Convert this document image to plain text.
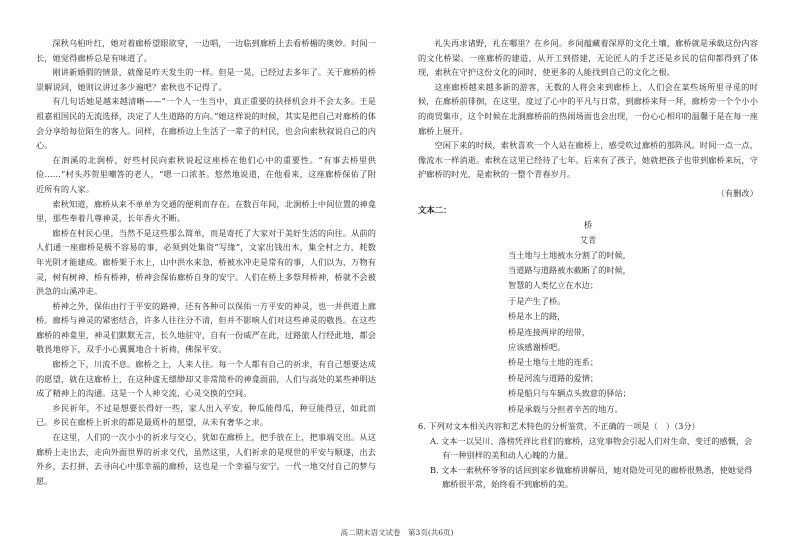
深秋乌桕叶红，她对着廊桥望眼欲穿，一边唱，一边临到廊桥上去看桥楣的奥妙。时间一长，她觉得廊桥总是有味道了。

刚讲新婚假的情景，就像是昨天发生的一样。但是一晃，已经过去多年了。关于廊桥的桥崇解说同，她则议讲过多少遍吧？索秋也不记得了。

有几句话她是越来越清晰——“一个人一生当中，真正重要的抉择机会并不会太多。王是祖嘉祖国民的无流选择，决定了人生道路的方向。”她这样说的时候，其实是把自己对廊桥的体会分享给每位陌生的客人。同样，在廊桥边上生活了一辈子的村民，也会向索秋叙说自己的内心。

在泗溪的北涧桥，好些村民向索秋说起这座桥在他们心中的重要性。“有事去桥里供俭……”村头苏贺里嘲答的老人，“嗯一口浓茶。悠然地说道，在他看来，这座廊桥保佑了附近所有的人家。

索秋知道，廊桥从来不单单为交通的便利而存在。在数百年间，北涧桥上中间位置的神龛里，那些奉着几尊神灵，长年香火不断。

廊桥在村民心里，当然不是这些那么简单，而是寄托了大家对于美好生活的向往。从前的人们通一座廊桥是极不容易的事，必须到处集资“写缘”，文家出钱出木，集全村之力，耗数年光阴才能建成。廊桥架于水上，山中洪水来急，桥被水冲走是常有的事，人们以为，万物有灵，树有树神，桥有桥神，桥神会保佑廊桥自身的安宁。人们在桥上多祭拜桥神，桥就不会被洪急的山溪冲走。

桥神之外，保佑由行于平安的路神，还有各种可以保佑一方平安的神灵，也一并供道上廊桥。廊桥与神灵的紧密结合，许多人往往分不清，但并不影响人们对这些神灵的敬畏。在这些廊桥的神龛里，神灵们默默无言，长久地驻守，自有一份威严在此，过路旅人行经此地，都会敬畏地停下，双手小心翼翼地合十祈祷，佛保平安。

廊桥之下，川流不息。廊桥之上，人来人往。每一个人都有自己的祈求，有自己想要达成的愿望，就在这廊桥上，在这种虚无缥缈却又非常简朴的神龛面前，人们与高处的某些神明达成了精神上的沟通。这是一个人神交流，心灵交换的空间。

乡民祈年，不过是想要长得好一些，家人出入平安，种瓜能得瓜，种豆能得豆，如此而已。乡民在廊桥上祈求的都是最质朴的愿望，从未有奢华之求。

在这里，人们的一次小小的祈求与交心，犹如在廊桥上，把手放在上，把事端交出。从这廊桥上走出去，走向外面世界的祈求交代，虽然这里，人们祈求的是现世的平安与顺遂，出去外乡，去打拼，去寻向心中那幸福的廊桥，这也是一个幸福与安宁。一代一地交付自己的梦与愿。

礼失再求诸野，礼在哪里？在乡间。乡间蕴藏着深厚的文化土壤，廊桥就是承载这份内容的文化桥梁。一座廊桥的建造，从开工到搭建，无论匠人的手艺还是乡民的信仰都得到了体现，索秋在守护这份文化的同时，使更多的人能找到自己的文化之根。

这座廊桥越来越多新的游客，无数的人将会来到廊桥上，人们会在某些场所里寻觅的时候，在廊桥前徘徊，在这里，度过了心中的平凡与日常，到廊桥来拜一拜，廊桥旁一个个小小的商贸集市，这个时候在北涧廊桥前的热闹场面也会出现，一份心心相印的温馨于是在每一座廊桥上展开。

空闲下来的时候，索秋喜欢一个人站在廊桥上，感受吹过廊桥的那阵风。时间一点一点，像流水一样消逝。索秋在这里已经待了七年。后来有了孩子，她就把孩子也带到廊桥来玩，守护廊桥的时光，是索秋的一整个青春岁月。

（有删改）

文本二：
桥
艾青
当土地与土地被水分割了的时候，
当道路与道路被水截断了的时候，
智慧的人类忆立在水边；
于是产生了桥。
桥是水上的路，
桥是连接两岸的纽带，
应该感谢桥吧。
桥是土地与土地的连系；
桥是河流与道路的爱情；
桥是船只与车辆点头致意的驿站；
桥是承载与分担者辛苦的地方。
6. 下列对文本相关内容和艺术特色的分析鉴赏，不正确的一项是（　）（3分）
A. 文本一以吴川、落榜凭祥比君们的廊桥，这党事物会引起人们对生命、变迁的感慨，会有一种别样的美和动人心魄的力量。
B. 文本一索秋杯爷爷的话回到家乡做廊桥讲解员，她对隐处可见的廊桥很熟悉，使她觉得廊桥很平常，始终看不到廊桥的美。
高二期末语文试卷　第3页(共6页)
